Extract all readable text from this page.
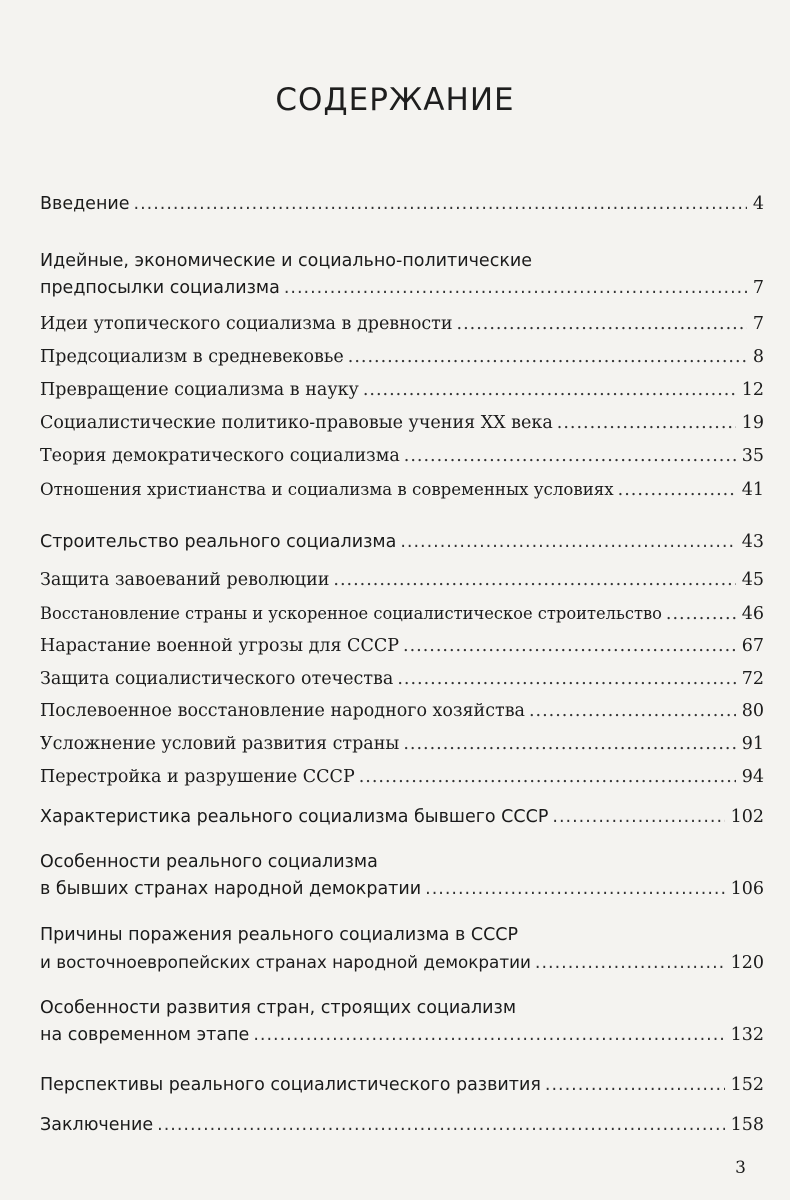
СОДЕРЖАНИЕ
Введение .....	4
Идейные, экономические и социально-политические
предпосылки социализма .....	7
Идеи утопического социализма в древности .....	7
Предсоциализм в средневековье .....	8
Превращение социализма в науку .....	12
Социалистические политико-правовые учения XX века .....	19
Теория демократического социализма .....	35
Отношения христианства и социализма в современных условиях .....	41
Строительство реального социализма .....	43
Защита завоеваний революции .....	45
Восстановление страны и ускоренное социалистическое строительство .....	46
Нарастание военной угрозы для СССР .....	67
Защита социалистического отечества .....	72
Послевоенное восстановление народного хозяйства .....	80
Усложнение условий развития страны .....	91
Перестройка и разрушение СССР .....	94
Характеристика реального социализма бывшего СССР .....	102
Особенности реального социализма
в бывших странах народной демократии .....	106
Причины поражения реального социализма в СССР
и восточноевропейских странах народной демократии .....	120
Особенности развития стран, строящих социализм
на современном этапе .....	132
Перспективы реального социалистического развития .....	152
Заключение .....	158
3
